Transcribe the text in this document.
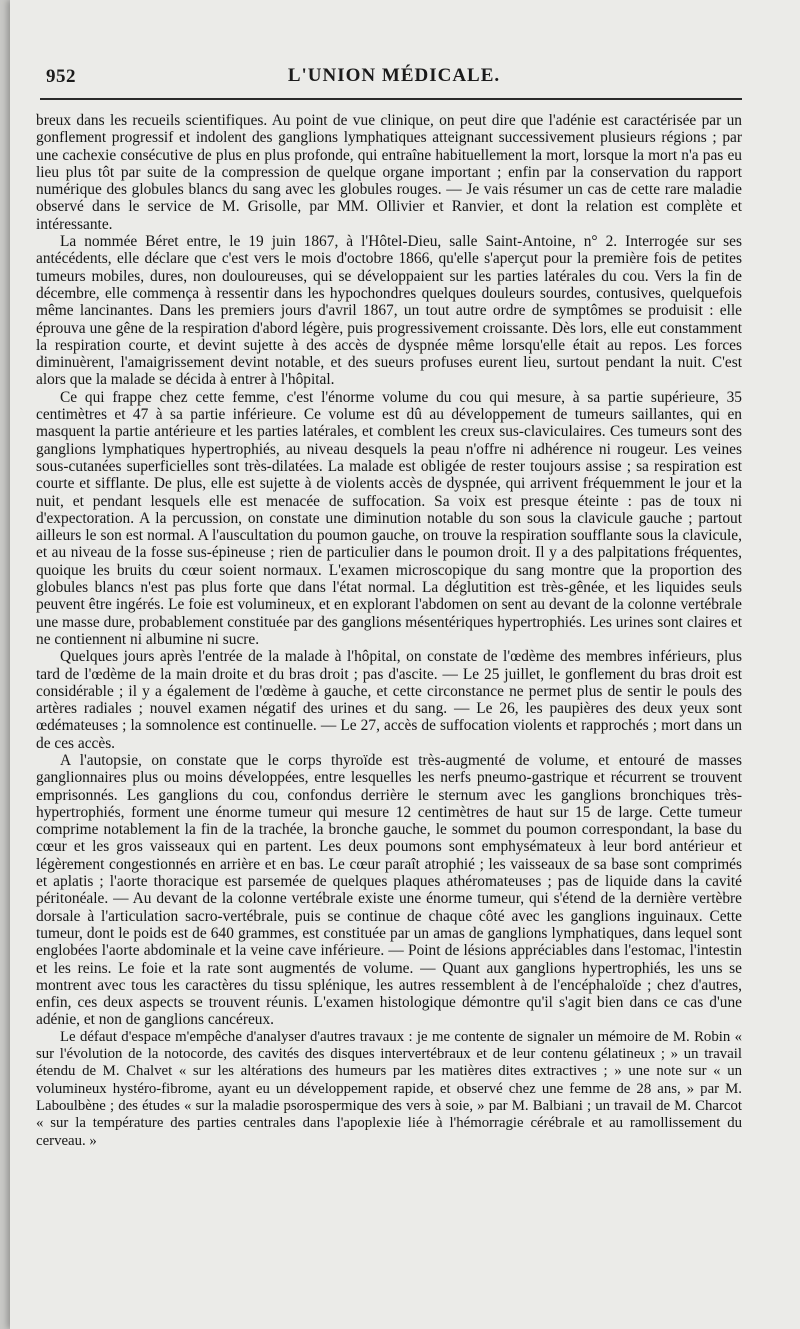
952	L'UNION MÉDICALE.

breux dans les recueils scientifiques. Au point de vue clinique, on peut dire que l'adénie est caractérisée par un gonflement progressif et indolent des ganglions lymphatiques atteignant successivement plusieurs régions ; par une cachexie consécutive de plus en plus profonde, qui entraîne habituellement la mort, lorsque la mort n'a pas eu lieu plus tôt par suite de la compression de quelque organe important ; enfin par la conservation du rapport numérique des globules blancs du sang avec les globules rouges. — Je vais résumer un cas de cette rare maladie observé dans le service de M. Grisolle, par MM. Ollivier et Ranvier, et dont la relation est complète et intéressante.

La nommée Béret entre, le 19 juin 1867, à l'Hôtel-Dieu, salle Saint-Antoine, n° 2. Interrogée sur ses antécédents, elle déclare que c'est vers le mois d'octobre 1866, qu'elle s'aperçut pour la première fois de petites tumeurs mobiles, dures, non douloureuses, qui se développaient sur les parties latérales du cou. Vers la fin de décembre, elle commença à ressentir dans les hypochondres quelques douleurs sourdes, contusives, quelquefois même lancinantes. Dans les premiers jours d'avril 1867, un tout autre ordre de symptômes se produisit : elle éprouva une gêne de la respiration d'abord légère, puis progressivement croissante. Dès lors, elle eut constamment la respiration courte, et devint sujette à des accès de dyspnée même lorsqu'elle était au repos. Les forces diminuèrent, l'amaigrissement devint notable, et des sueurs profuses eurent lieu, surtout pendant la nuit. C'est alors que la malade se décida à entrer à l'hôpital.

Ce qui frappe chez cette femme, c'est l'énorme volume du cou qui mesure, à sa partie supérieure, 35 centimètres et 47 à sa partie inférieure. Ce volume est dû au développement de tumeurs saillantes, qui en masquent la partie antérieure et les parties latérales, et comblent les creux sus-claviculaires. Ces tumeurs sont des ganglions lymphatiques hypertrophiés, au niveau desquels la peau n'offre ni adhérence ni rougeur. Les veines sous-cutanées superficielles sont très-dilatées. La malade est obligée de rester toujours assise ; sa respiration est courte et sifflante. De plus, elle est sujette à de violents accès de dyspnée, qui arrivent fréquemment le jour et la nuit, et pendant lesquels elle est menacée de suffocation. Sa voix est presque éteinte : pas de toux ni d'expectoration. A la percussion, on constate une diminution notable du son sous la clavicule gauche ; partout ailleurs le son est normal. A l'auscultation du poumon gauche, on trouve la respiration soufflante sous la clavicule, et au niveau de la fosse sus-épineuse ; rien de particulier dans le poumon droit. Il y a des palpitations fréquentes, quoique les bruits du cœur soient normaux. L'examen microscopique du sang montre que la proportion des globules blancs n'est pas plus forte que dans l'état normal. La déglutition est très-gênée, et les liquides seuls peuvent être ingérés. Le foie est volumineux, et en explorant l'abdomen on sent au devant de la colonne vertébrale une masse dure, probablement constituée par des ganglions mésentériques hypertrophiés. Les urines sont claires et ne contiennent ni albumine ni sucre.

Quelques jours après l'entrée de la malade à l'hôpital, on constate de l'œdème des membres inférieurs, plus tard de l'œdème de la main droite et du bras droit ; pas d'ascite. — Le 25 juillet, le gonflement du bras droit est considérable ; il y a également de l'œdème à gauche, et cette circonstance ne permet plus de sentir le pouls des artères radiales ; nouvel examen négatif des urines et du sang. — Le 26, les paupières des deux yeux sont œdémateuses ; la somnolence est continuelle. — Le 27, accès de suffocation violents et rapprochés ; mort dans un de ces accès.

A l'autopsie, on constate que le corps thyroïde est très-augmenté de volume, et entouré de masses ganglionnaires plus ou moins développées, entre lesquelles les nerfs pneumo-gastrique et récurrent se trouvent emprisonnés. Les ganglions du cou, confondus derrière le sternum avec les ganglions bronchiques très-hypertrophiés, forment une énorme tumeur qui mesure 12 centimètres de haut sur 15 de large. Cette tumeur comprime notablement la fin de la trachée, la bronche gauche, le sommet du poumon correspondant, la base du cœur et les gros vaisseaux qui en partent. Les deux poumons sont emphysémateux à leur bord antérieur et légèrement congestionnés en arrière et en bas. Le cœur paraît atrophié ; les vaisseaux de sa base sont comprimés et aplatis ; l'aorte thoracique est parsemée de quelques plaques athéromateuses ; pas de liquide dans la cavité péritonéale. — Au devant de la colonne vertébrale existe une énorme tumeur, qui s'étend de la dernière vertèbre dorsale à l'articulation sacro-vertébrale, puis se continue de chaque côté avec les ganglions inguinaux. Cette tumeur, dont le poids est de 640 grammes, est constituée par un amas de ganglions lymphatiques, dans lequel sont englobées l'aorte abdominale et la veine cave inférieure. — Point de lésions appréciables dans l'estomac, l'intestin et les reins. Le foie et la rate sont augmentés de volume. — Quant aux ganglions hypertrophiés, les uns se montrent avec tous les caractères du tissu splénique, les autres ressemblent à de l'encéphaloïde ; chez d'autres, enfin, ces deux aspects se trouvent réunis. L'examen histologique démontre qu'il s'agit bien dans ce cas d'une adénie, et non de ganglions cancéreux.

Le défaut d'espace m'empêche d'analyser d'autres travaux : je me contente de signaler un mémoire de M. Robin « sur l'évolution de la notocorde, des cavités des disques intervertébraux et de leur contenu gélatineux ; » un travail étendu de M. Chalvet « sur les altérations des humeurs par les matières dites extractives ; » une note sur « un volumineux hystéro-fibrome, ayant eu un développement rapide, et observé chez une femme de 28 ans, » par M. Laboulbène ; des études « sur la maladie psorospermique des vers à soie, » par M. Balbiani ; un travail de M. Charcot « sur la température des parties centrales dans l'apoplexie liée à l'hémorragie cérébrale et au ramollissement du cerveau. »
